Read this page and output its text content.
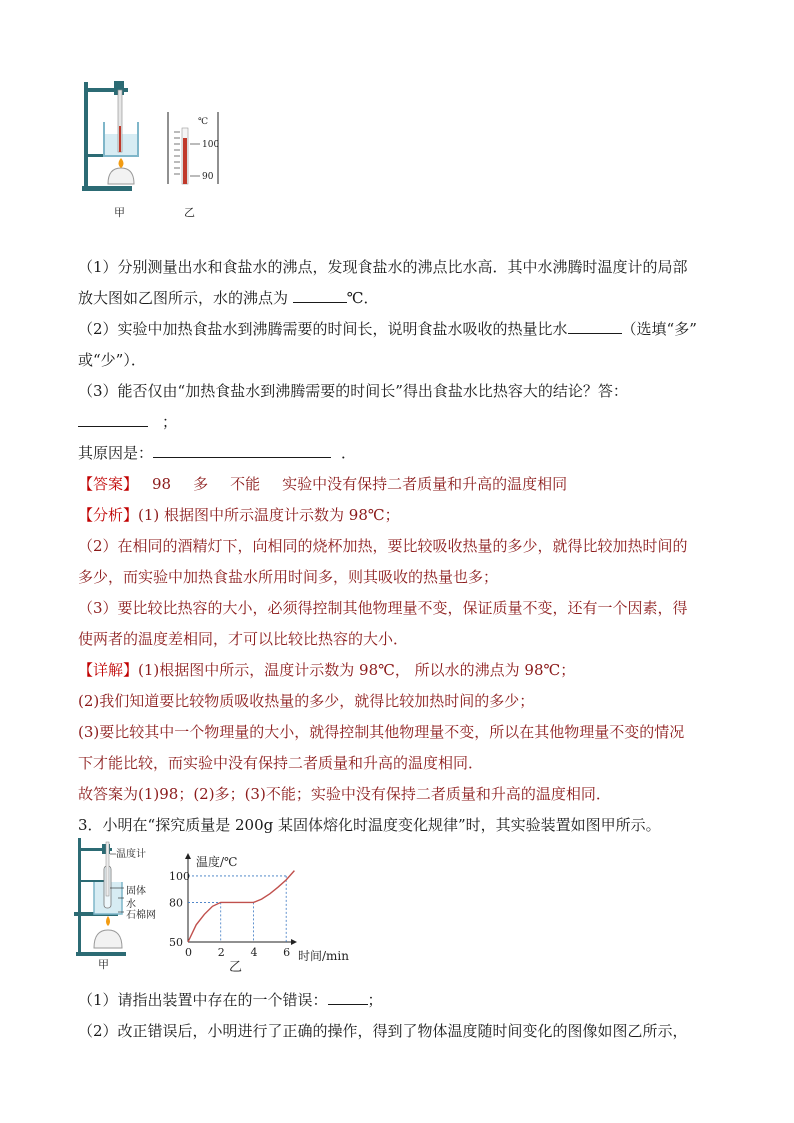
℃
100
90
甲	乙
（1）分别测量出水和食盐水的沸点，发现食盐水的沸点比水高．其中水沸腾时温度计的局部
放大图如乙图所示，水的沸点为	℃．
（2）实验中加热食盐水到沸腾需要的时间长，说明食盐水吸收的热量比水	（选填“多”
或“少”）．
（3）能否仅由“加热食盐水到沸腾需要的时间长”得出食盐水比热容大的结论？答：
；
其原因是：	．
【答案】 98 多 不能 实验中没有保持二者质量和升高的温度相同
【分析】(1) 根据图中所示温度计示数为 98℃；
（2）在相同的酒精灯下，向相同的烧杯加热，要比较吸收热量的多少，就得比较加热时间的
多少，而实验中加热食盐水所用时间多，则其吸收的热量也多；
（3）要比较比热容的大小，必须得控制其他物理量不变，保证质量不变，还有一个因素，得
使两者的温度差相同，才可以比较比热容的大小．
【详解】(1)根据图中所示，温度计示数为 98℃， 所以水的沸点为 98℃；
(2)我们知道要比较物质吸收热量的多少，就得比较加热时间的多少；
(3)要比较其中一个物理量的大小，就得控制其他物理量不变，所以在其他物理量不变的情况
下才能比较，而实验中没有保持二者质量和升高的温度相同．
故答案为(1)98；(2)多；(3)不能；实验中没有保持二者质量和升高的温度相同．
3．小明在“探究质量是 200g 某固体熔化时温度变化规律”时，其实验装置如图甲所示。
温度计
固体
水
石棉网
甲
0 2 4 6
50
80
100
温度/℃
时间/min
乙
（1）请指出装置中存在的一个错误：	；
（2）改正错误后，小明进行了正确的操作，得到了物体温度随时间变化的图像如图乙所示，
